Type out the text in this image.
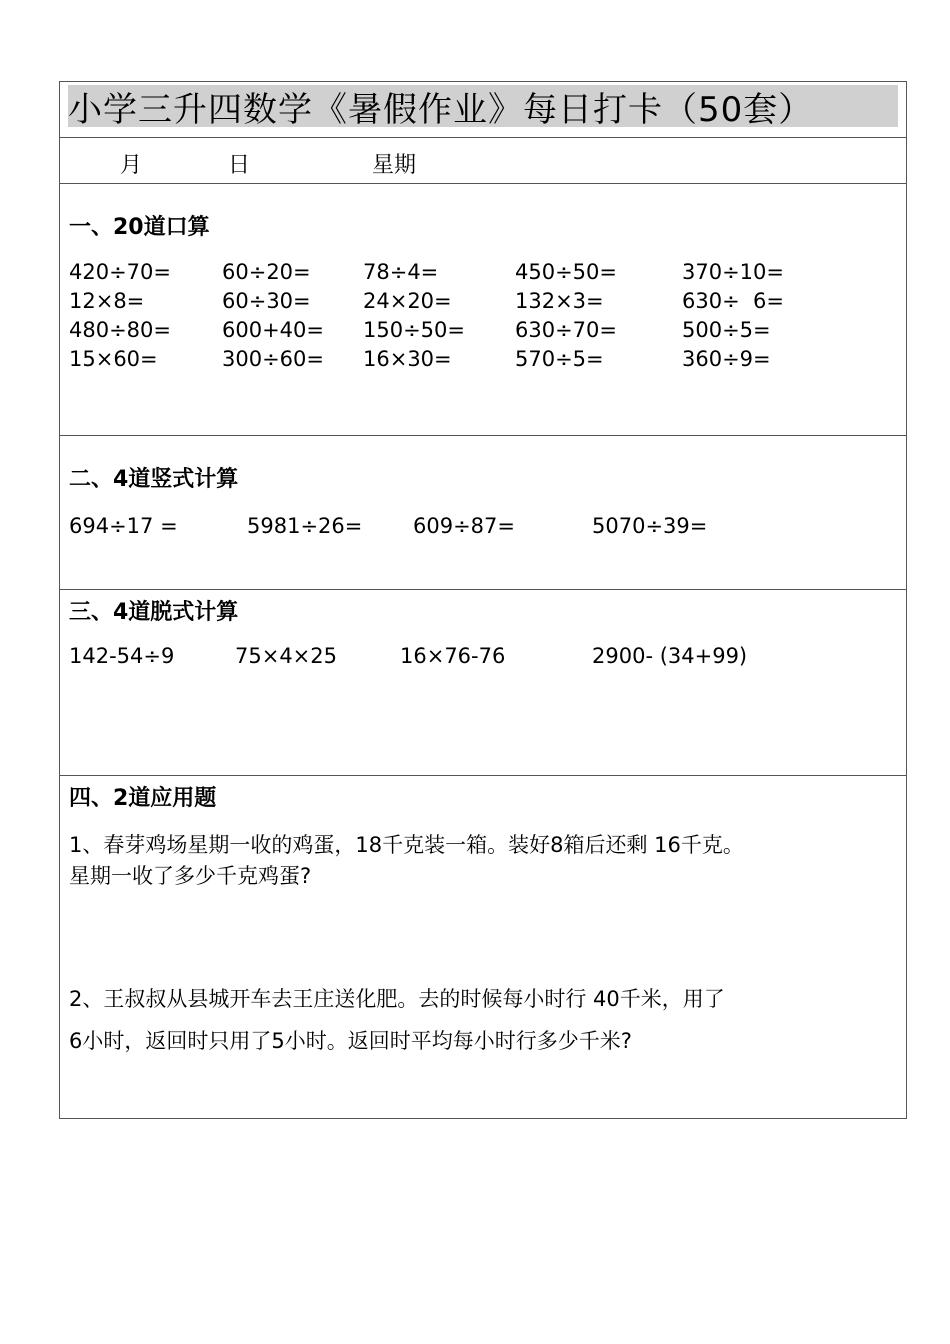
小学三升四数学《暑假作业》每日打卡（50套）
月	日	星期
一、20道口算
420÷70= 60÷20= 78÷4=	450÷50=	370÷10=
12×8=	60÷30= 24×20=	132×3=	630÷  6=
480÷80= 600+40= 150÷50= 630÷70=	500÷5=
15×60=	300÷60= 16×30=	570÷5=	360÷9=
二、4道竖式计算
694÷17 =	5981÷26= 609÷87=	5070÷39=
三、4道脱式计算
142-54÷9	75×4×25	16×76-76	2900- (34+99)
四、2道应用题
1、春芽鸡场星期一收的鸡蛋，18千克装一箱。装好8箱后还剩 16千克。
星期一收了多少千克鸡蛋?
2、王叔叔从县城开车去王庄送化肥。去的时候每小时行 40千米，用了
6小时，返回时只用了5小时。返回时平均每小时行多少千米?
